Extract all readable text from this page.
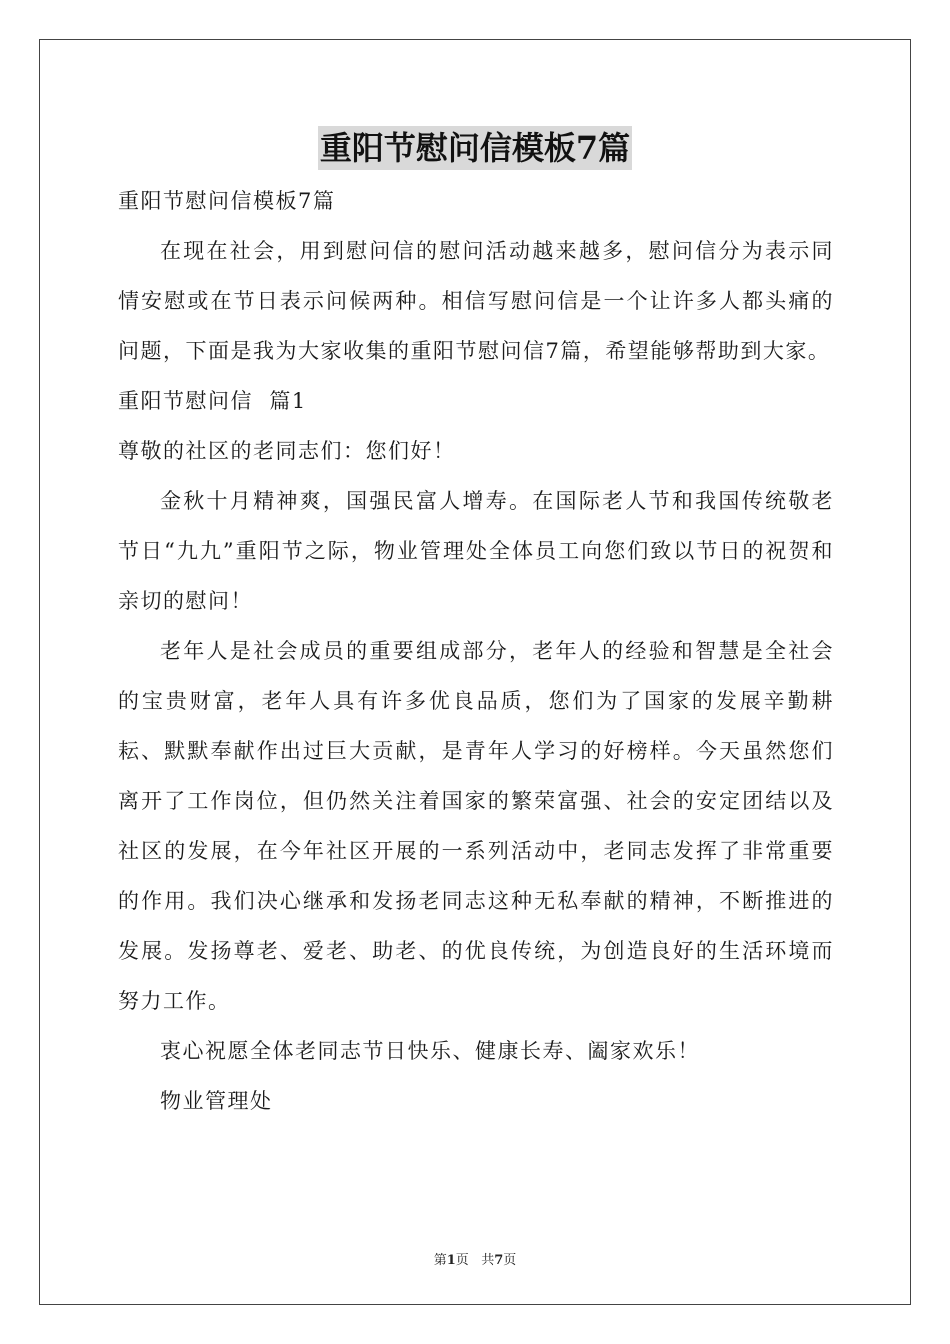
重阳节慰问信模板7篇

重阳节慰问信模板7篇

在现在社会，用到慰问信的慰问活动越来越多，慰问信分为表示同情安慰或在节日表示问候两种。相信写慰问信是一个让许多人都头痛的问题，下面是我为大家收集的重阳节慰问信7篇，希望能够帮助到大家。

重阳节慰问信  篇1

尊敬的社区的老同志们：您们好！

金秋十月精神爽，国强民富人增寿。在国际老人节和我国传统敬老节日“九九”重阳节之际，物业管理处全体员工向您们致以节日的祝贺和亲切的慰问！

老年人是社会成员的重要组成部分，老年人的经验和智慧是全社会的宝贵财富，老年人具有许多优良品质，您们为了国家的发展辛勤耕耘、默默奉献作出过巨大贡献，是青年人学习的好榜样。今天虽然您们离开了工作岗位，但仍然关注着国家的繁荣富强、社会的安定团结以及社区的发展，在今年社区开展的一系列活动中，老同志发挥了非常重要的作用。我们决心继承和发扬老同志这种无私奉献的精神，不断推进的发展。发扬尊老、爱老、助老、的优良传统，为创造良好的生活环境而努力工作。

衷心祝愿全体老同志节日快乐、健康长寿、阖家欢乐！

物业管理处

第1页 共7页
